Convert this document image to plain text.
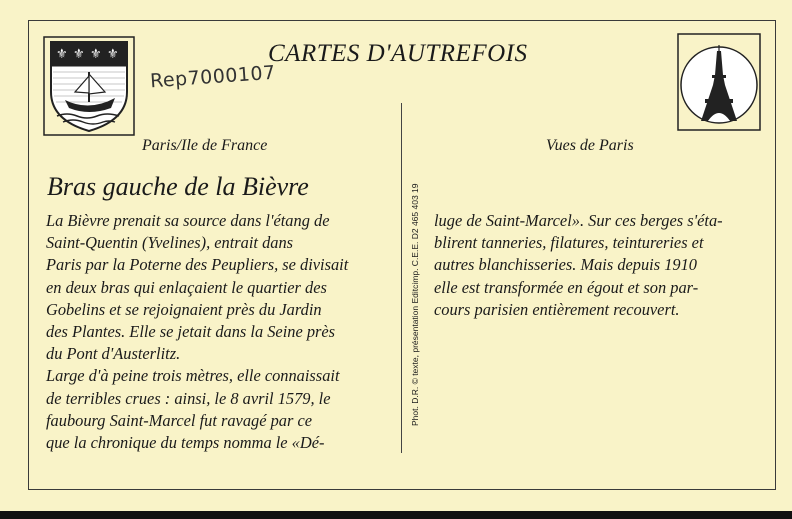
⚜ ⚜ ⚜ ⚜	CARTES D'AUTREFOIS
Rep7000107
Paris/Ile de France	Vues de Paris
Phot. D.R. © texte, présentation Editcimp. C.E.E. D2 465 403 19
Bras gauche de la Bièvre
La Bièvre prenait sa source dans l'étang de
Saint-Quentin (Yvelines), entrait dans
Paris par la Poterne des Peupliers, se divisait
en deux bras qui enlaçaient le quartier des
Gobelins et se rejoignaient près du Jardin
des Plantes. Elle se jetait dans la Seine près
du Pont d'Austerlitz.
Large d'à peine trois mètres, elle connaissait
de terribles crues : ainsi, le 8 avril 1579, le
faubourg Saint-Marcel fut ravagé par ce
que la chronique du temps nomma le «Dé-
luge de Saint-Marcel». Sur ces berges s'éta-
blirent tanneries, filatures, teintureries et
autres blanchisseries. Mais depuis 1910
elle est transformée en égout et son par-
cours parisien entièrement recouvert.
